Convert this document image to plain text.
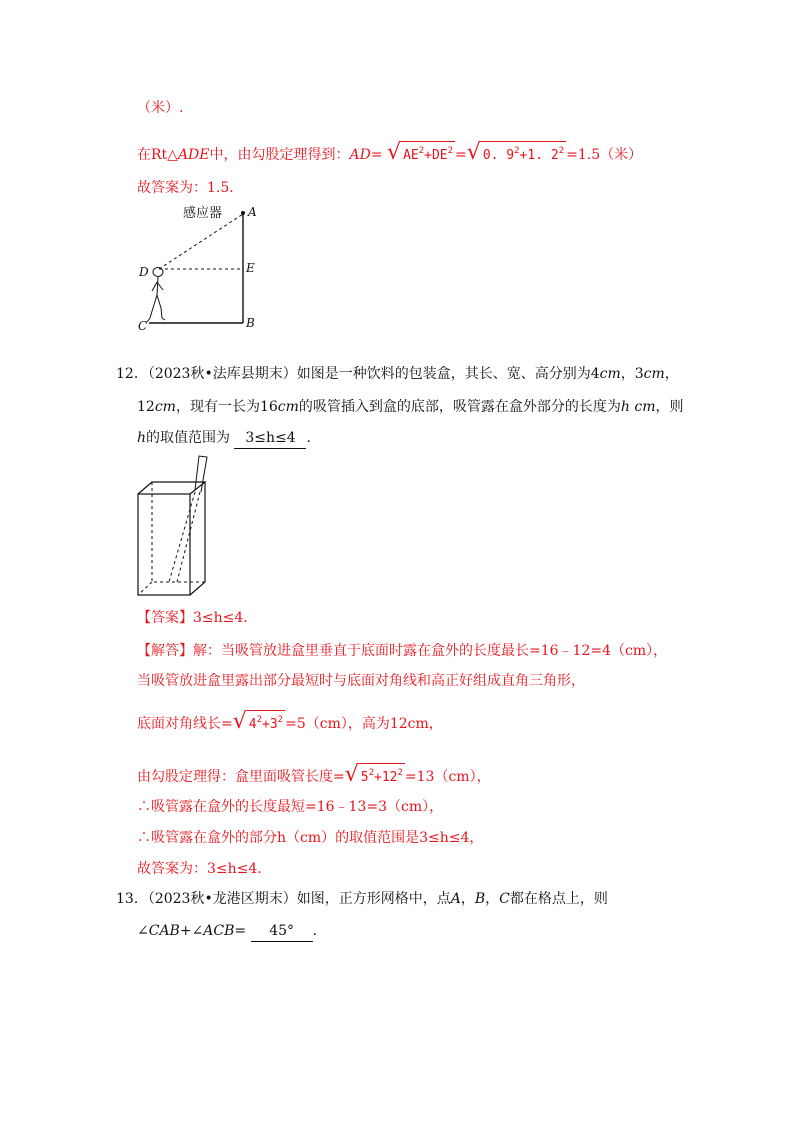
（米）.
在Rt△ADE中，由勾股定理得到：AD= √ $AE^2+DE^2$ = √ 0. $9^2+1$. $2^2 =1.5$（米）
故答案为：1.5.
感应器 A
D	E
C	B
12．（2023秋•法库县期末）如图是一种饮料的包装盒，其长、宽、高分别为4cm，3cm，
12cm，现有一长为16cm的吸管插入到盒的底部，吸管露在盒外部分的长度为h cm，则
h的取值范围为 3≤h≤4 .
【答案】3≤h≤4.
【解答】解：当吸管放进盒里垂直于底面时露在盒外的长度最长=16﹣12=4（cm），
当吸管放进盒里露出部分最短时与底面对角线和高正好组成直角三角形，
底面对角线长= √ $4^2+3^2 =5(cm)$，高为12cm，
由勾股定理得：盒里面吸管长度= √ $5^2+12^2 =13(cm)$，
∴吸管露在盒外的长度最短=16﹣13=3（cm），
∴吸管露在盒外的部分h（cm）的取值范围是3≤h≤4，
故答案为：3≤h≤4.
13．（2023秋•龙港区期末）如图，正方形网格中，点A，B，C都在格点上，则
∠CAB+∠ACB= 45° .
